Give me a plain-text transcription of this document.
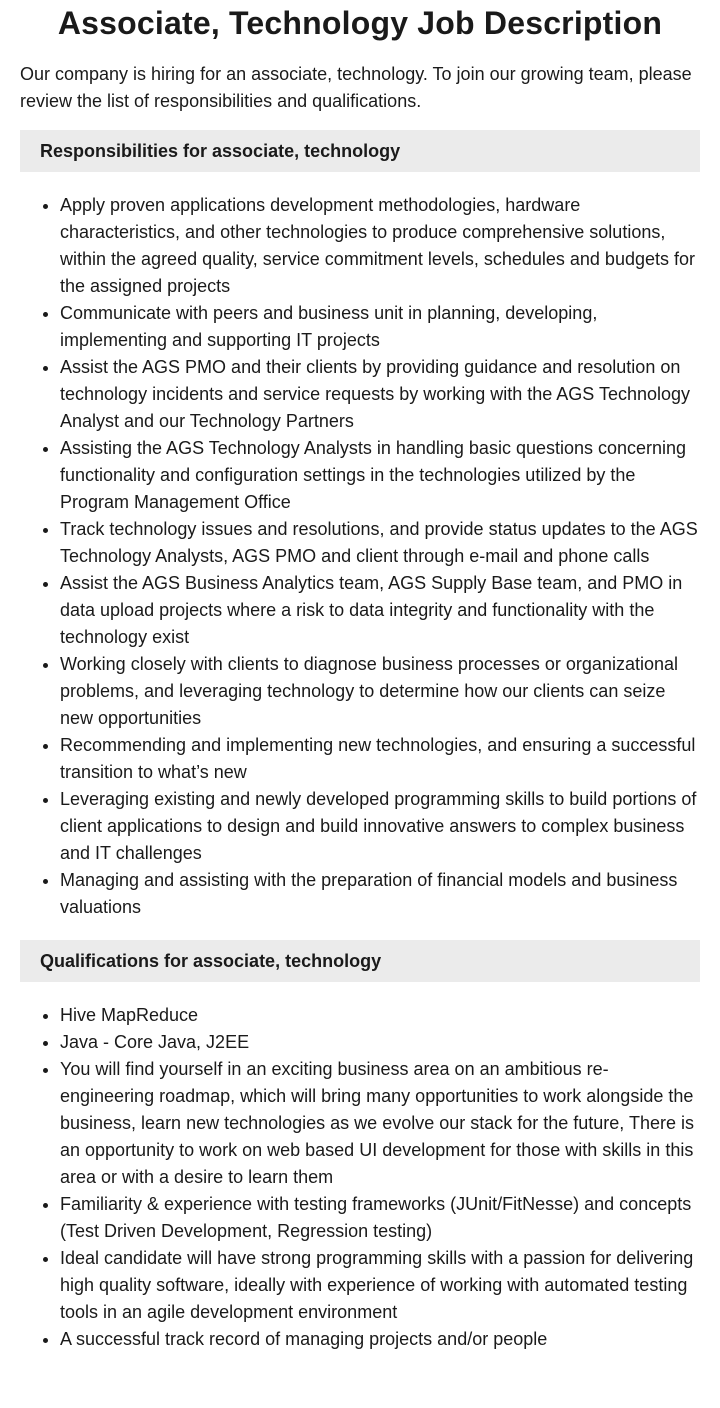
Associate, Technology Job Description

Our company is hiring for an associate, technology. To join our growing team, please review the list of responsibilities and qualifications.

Responsibilities for associate, technology
• Apply proven applications development methodologies, hardware characteristics, and other technologies to produce comprehensive solutions, within the agreed quality, service commitment levels, schedules and budgets for the assigned projects
• Communicate with peers and business unit in planning, developing, implementing and supporting IT projects
• Assist the AGS PMO and their clients by providing guidance and resolution on technology incidents and service requests by working with the AGS Technology Analyst and our Technology Partners
• Assisting the AGS Technology Analysts in handling basic questions concerning functionality and configuration settings in the technologies utilized by the Program Management Office
• Track technology issues and resolutions, and provide status updates to the AGS Technology Analysts, AGS PMO and client through e-mail and phone calls
• Assist the AGS Business Analytics team, AGS Supply Base team, and PMO in data upload projects where a risk to data integrity and functionality with the technology exist
• Working closely with clients to diagnose business processes or organizational problems, and leveraging technology to determine how our clients can seize new opportunities
• Recommending and implementing new technologies, and ensuring a successful transition to what’s new
• Leveraging existing and newly developed programming skills to build portions of client applications to design and build innovative answers to complex business and IT challenges
• Managing and assisting with the preparation of financial models and business valuations
Qualifications for associate, technology
• Hive MapReduce
• Java - Core Java, J2EE
• You will find yourself in an exciting business area on an ambitious re-engineering roadmap, which will bring many opportunities to work alongside the business, learn new technologies as we evolve our stack for the future, There is an opportunity to work on web based UI development for those with skills in this area or with a desire to learn them
• Familiarity & experience with testing frameworks (JUnit/FitNesse) and concepts (Test Driven Development, Regression testing)
• Ideal candidate will have strong programming skills with a passion for delivering high quality software, ideally with experience of working with automated testing tools in an agile development environment
• A successful track record of managing projects and/or people
